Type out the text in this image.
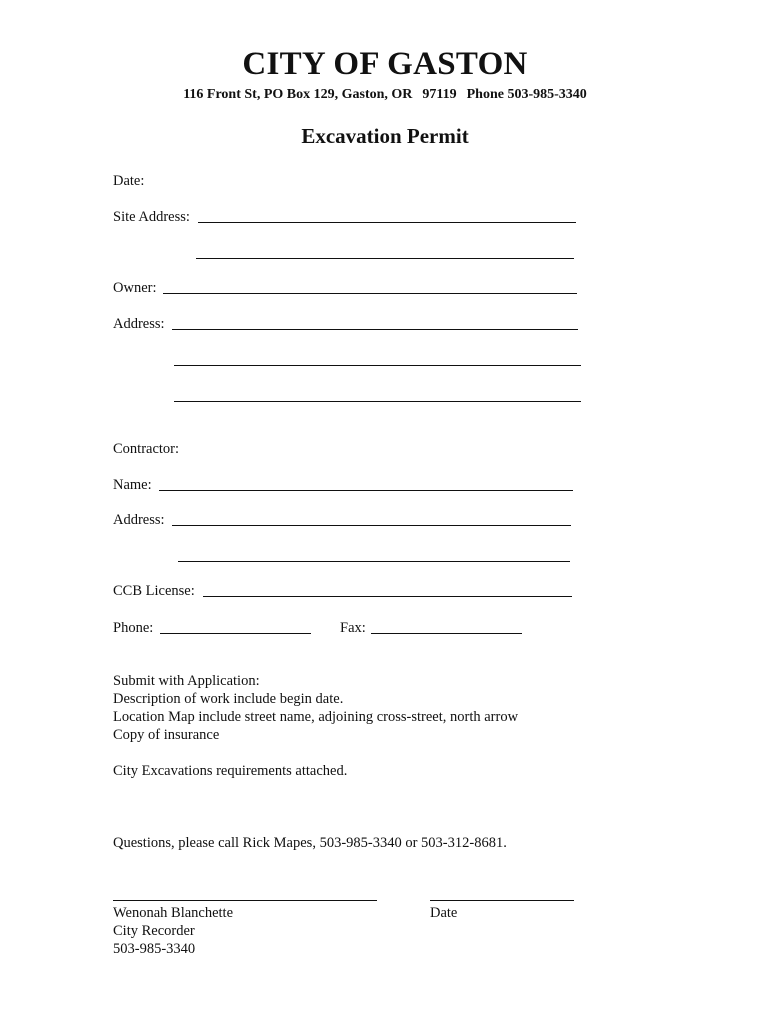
CITY OF GASTON
116 Front St, PO Box 129, Gaston, OR 97119 Phone 503-985-3340
Excavation Permit
Date:
Site Address:
Owner:
Address:
Contractor:
Name:
Address:
CCB License:
Phone:	Fax:
Submit with Application:
Description of work include begin date.
Location Map include street name, adjoining cross-street, north arrow
Copy of insurance
City Excavations requirements attached.
Questions, please call Rick Mapes, 503-985-3340 or 503-312-8681.
Wenonah Blanchette
City Recorder
503-985-3340
Date
